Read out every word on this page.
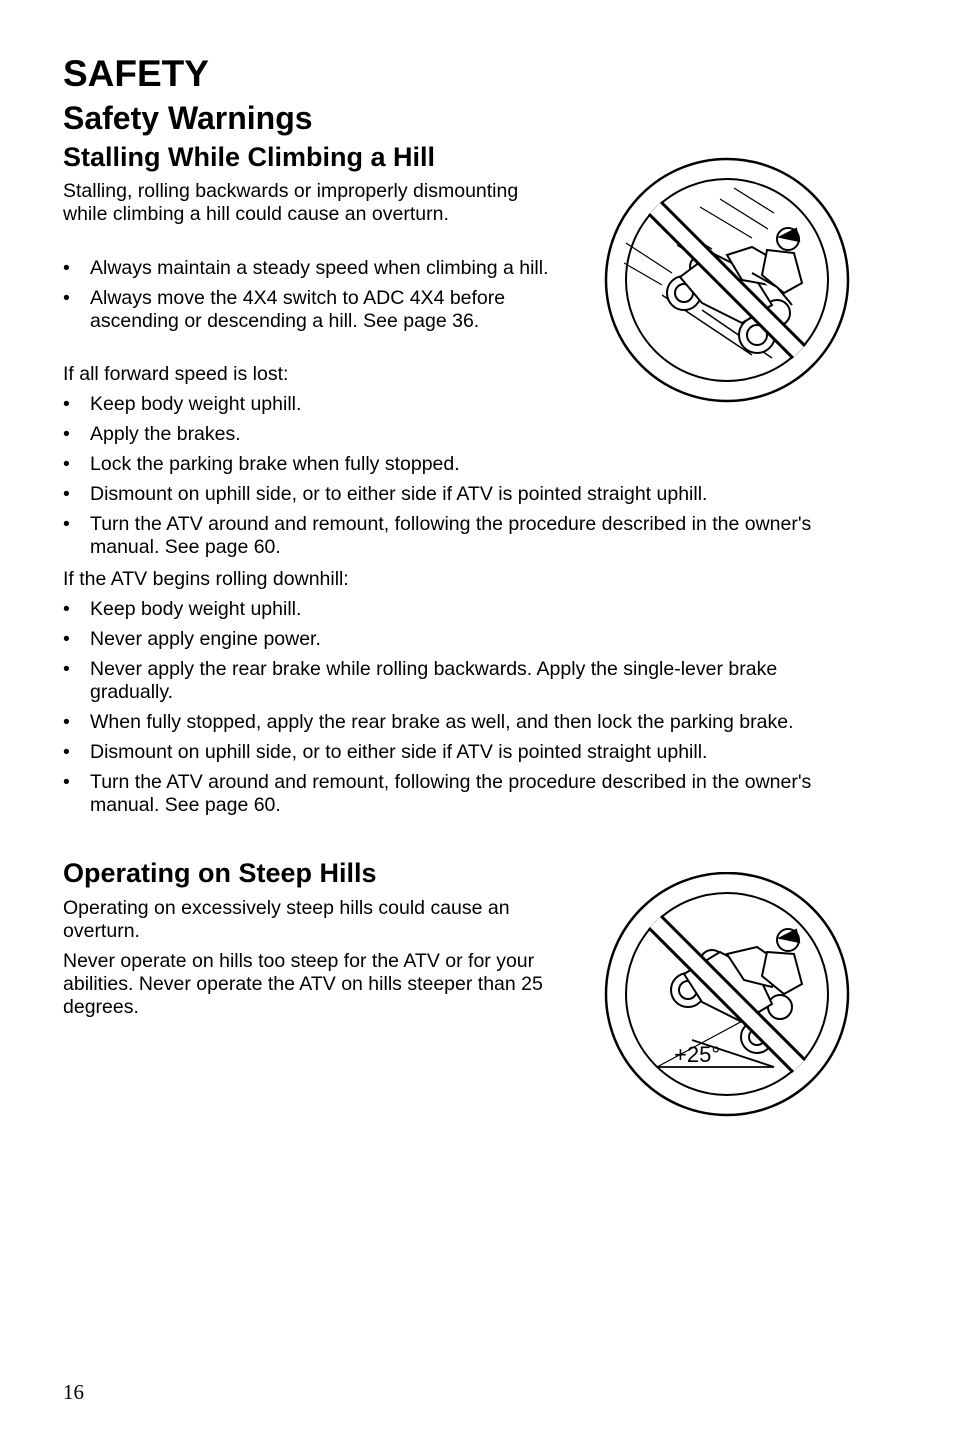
SAFETY
Safety Warnings
Stalling While Climbing a Hill
Stalling, rolling backwards or improperly dismounting while climbing a hill could cause an overturn.
• Always maintain a steady speed when climbing a hill.
• Always move the 4X4 switch to ADC 4X4 before ascending or descending a hill. See page 36.
If all forward speed is lost:
• Keep body weight uphill.
• Apply the brakes.
• Lock the parking brake when fully stopped.
• Dismount on uphill side, or to either side if ATV is pointed straight uphill.
• Turn the ATV around and remount, following the procedure described in the owner's manual. See page 60.
If the ATV begins rolling downhill:
• Keep body weight uphill.
• Never apply engine power.
• Never apply the rear brake while rolling backwards. Apply the single-lever brake gradually.
• When fully stopped, apply the rear brake as well, and then lock the parking brake.
• Dismount on uphill side, or to either side if ATV is pointed straight uphill.
• Turn the ATV around and remount, following the procedure described in the owner's manual. See page 60.
Operating on Steep Hills
Operating on excessively steep hills could cause an overturn.
Never operate on hills too steep for the ATV or for your abilities. Never operate the ATV on hills steeper than 25 degrees.
+25°
16
